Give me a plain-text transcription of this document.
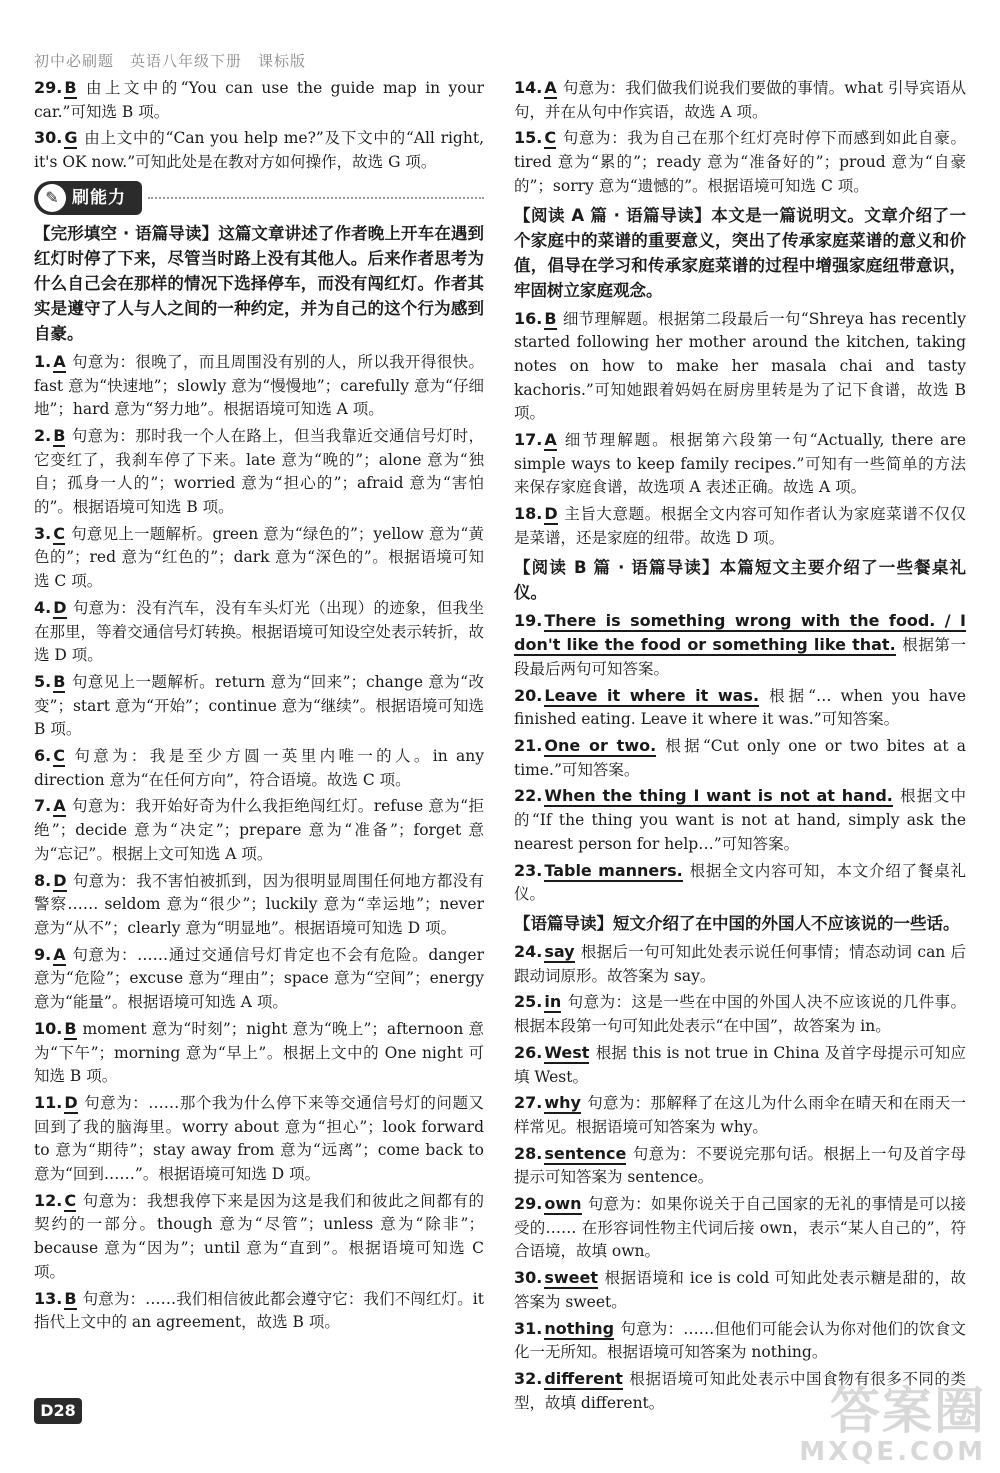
初中必刷题　英语八年级下册　课标版
29. B 由上文中的“You can use the guide map in your car.”可知选 B 项。
30. G 由上文中的“Can you help me?”及下文中的“All right, it's OK now.”可知此处是在教对方如何操作，故选 G 项。
✎ 刷能力
【完形填空 · 语篇导读】这篇文章讲述了作者晚上开车在遇到红灯时停了下来，尽管当时路上没有其他人。后来作者思考为什么自己会在那样的情况下选择停车，而没有闯红灯。作者其实是遵守了人与人之间的一种约定，并为自己的这个行为感到自豪。
1. A 句意为：很晚了，而且周围没有别的人，所以我开得很快。fast 意为“快速地”；slowly 意为“慢慢地”；carefully 意为“仔细地”；hard 意为“努力地”。根据语境可知选 A 项。
2. B 句意为：那时我一个人在路上，但当我靠近交通信号灯时，它变红了，我刹车停了下来。late 意为“晚的”；alone 意为“独自；孤身一人的”；worried 意为“担心的”；afraid 意为“害怕的”。根据语境可知选 B 项。
3. C 句意见上一题解析。green 意为“绿色的”；yellow 意为“黄色的”；red 意为“红色的”；dark 意为“深色的”。根据语境可知选 C 项。
4. D 句意为：没有汽车，没有车头灯光（出现）的迹象，但我坐在那里，等着交通信号灯转换。根据语境可知设空处表示转折，故选 D 项。
5. B 句意见上一题解析。return 意为“回来”；change 意为“改变”；start 意为“开始”；continue 意为“继续”。根据语境可知选 B 项。
6. C 句意为：我是至少方圆一英里内唯一的人。in any direction 意为“在任何方向”，符合语境。故选 C 项。
7. A 句意为：我开始好奇为什么我拒绝闯红灯。refuse 意为“拒绝”；decide 意为“决定”；prepare 意为“准备”；forget 意为“忘记”。根据上文可知选 A 项。
8. D 句意为：我不害怕被抓到，因为很明显周围任何地方都没有警察…… seldom 意为“很少”；luckily 意为“幸运地”；never 意为“从不”；clearly 意为“明显地”。根据语境可知选 D 项。
9. A 句意为：……通过交通信号灯肯定也不会有危险。danger 意为“危险”；excuse 意为“理由”；space 意为“空间”；energy 意为“能量”。根据语境可知选 A 项。
10. B moment 意为“时刻”；night 意为“晚上”；afternoon 意为“下午”；morning 意为“早上”。根据上文中的 One night 可知选 B 项。
11. D 句意为：……那个我为什么停下来等交通信号灯的问题又回到了我的脑海里。worry about 意为“担心”；look forward to 意为“期待”；stay away from 意为“远离”；come back to 意为“回到……”。根据语境可知选 D 项。
12. C 句意为：我想我停下来是因为这是我们和彼此之间都有的契约的一部分。though 意为“尽管”；unless 意为“除非”；because 意为“因为”；until 意为“直到”。根据语境可知选 C 项。
13. B 句意为：……我们相信彼此都会遵守它：我们不闯红灯。it 指代上文中的 an agreement，故选 B 项。
14. A 句意为：我们做我们说我们要做的事情。what 引导宾语从句，并在从句中作宾语，故选 A 项。
15. C 句意为：我为自己在那个红灯亮时停下而感到如此自豪。tired 意为“累的”；ready 意为“准备好的”；proud 意为“自豪的”；sorry 意为“遗憾的”。根据语境可知选 C 项。
【阅读 A 篇 · 语篇导读】本文是一篇说明文。文章介绍了一个家庭中的菜谱的重要意义，突出了传承家庭菜谱的意义和价值，倡导在学习和传承家庭菜谱的过程中增强家庭纽带意识，牢固树立家庭观念。
16. B 细节理解题。根据第二段最后一句“Shreya has recently started following her mother around the kitchen, taking notes on how to make her masala chai and tasty kachoris.”可知她跟着妈妈在厨房里转是为了记下食谱，故选 B 项。
17. A 细节理解题。根据第六段第一句“Actually, there are simple ways to keep family recipes.”可知有一些简单的方法来保存家庭食谱，故选项 A 表述正确。故选 A 项。
18. D 主旨大意题。根据全文内容可知作者认为家庭菜谱不仅仅是菜谱，还是家庭的纽带。故选 D 项。
【阅读 B 篇 · 语篇导读】本篇短文主要介绍了一些餐桌礼仪。
19. There is something wrong with the food. / I don't like the food or something like that. 根据第一段最后两句可知答案。
20. Leave it where it was. 根据“… when you have finished eating. Leave it where it was.”可知答案。
21. One or two. 根据“Cut only one or two bites at a time.”可知答案。
22. When the thing I want is not at hand. 根据文中的“If the thing you want is not at hand, simply ask the nearest person for help…”可知答案。
23. Table manners. 根据全文内容可知，本文介绍了餐桌礼仪。
【语篇导读】短文介绍了在中国的外国人不应该说的一些话。
24. say 根据后一句可知此处表示说任何事情；情态动词 can 后跟动词原形。故答案为 say。
25. in 句意为：这是一些在中国的外国人决不应该说的几件事。根据本段第一句可知此处表示“在中国”，故答案为 in。
26. West 根据 this is not true in China 及首字母提示可知应填 West。
27. why 句意为：那解释了在这儿为什么雨伞在晴天和在雨天一样常见。根据语境可知答案为 why。
28. sentence 句意为：不要说完那句话。根据上一句及首字母提示可知答案为 sentence。
29. own 句意为：如果你说关于自己国家的无礼的事情是可以接受的…… 在形容词性物主代词后接 own，表示“某人自己的”，符合语境，故填 own。
30. sweet 根据语境和 ice is cold 可知此处表示糖是甜的，故答案为 sweet。
31. nothing 句意为：……但他们可能会认为你对他们的饮食文化一无所知。根据语境可知答案为 nothing。
32. different 根据语境可知此处表示中国食物有很多不同的类型，故填 different。
D28	答案圈
MXQE.COM
